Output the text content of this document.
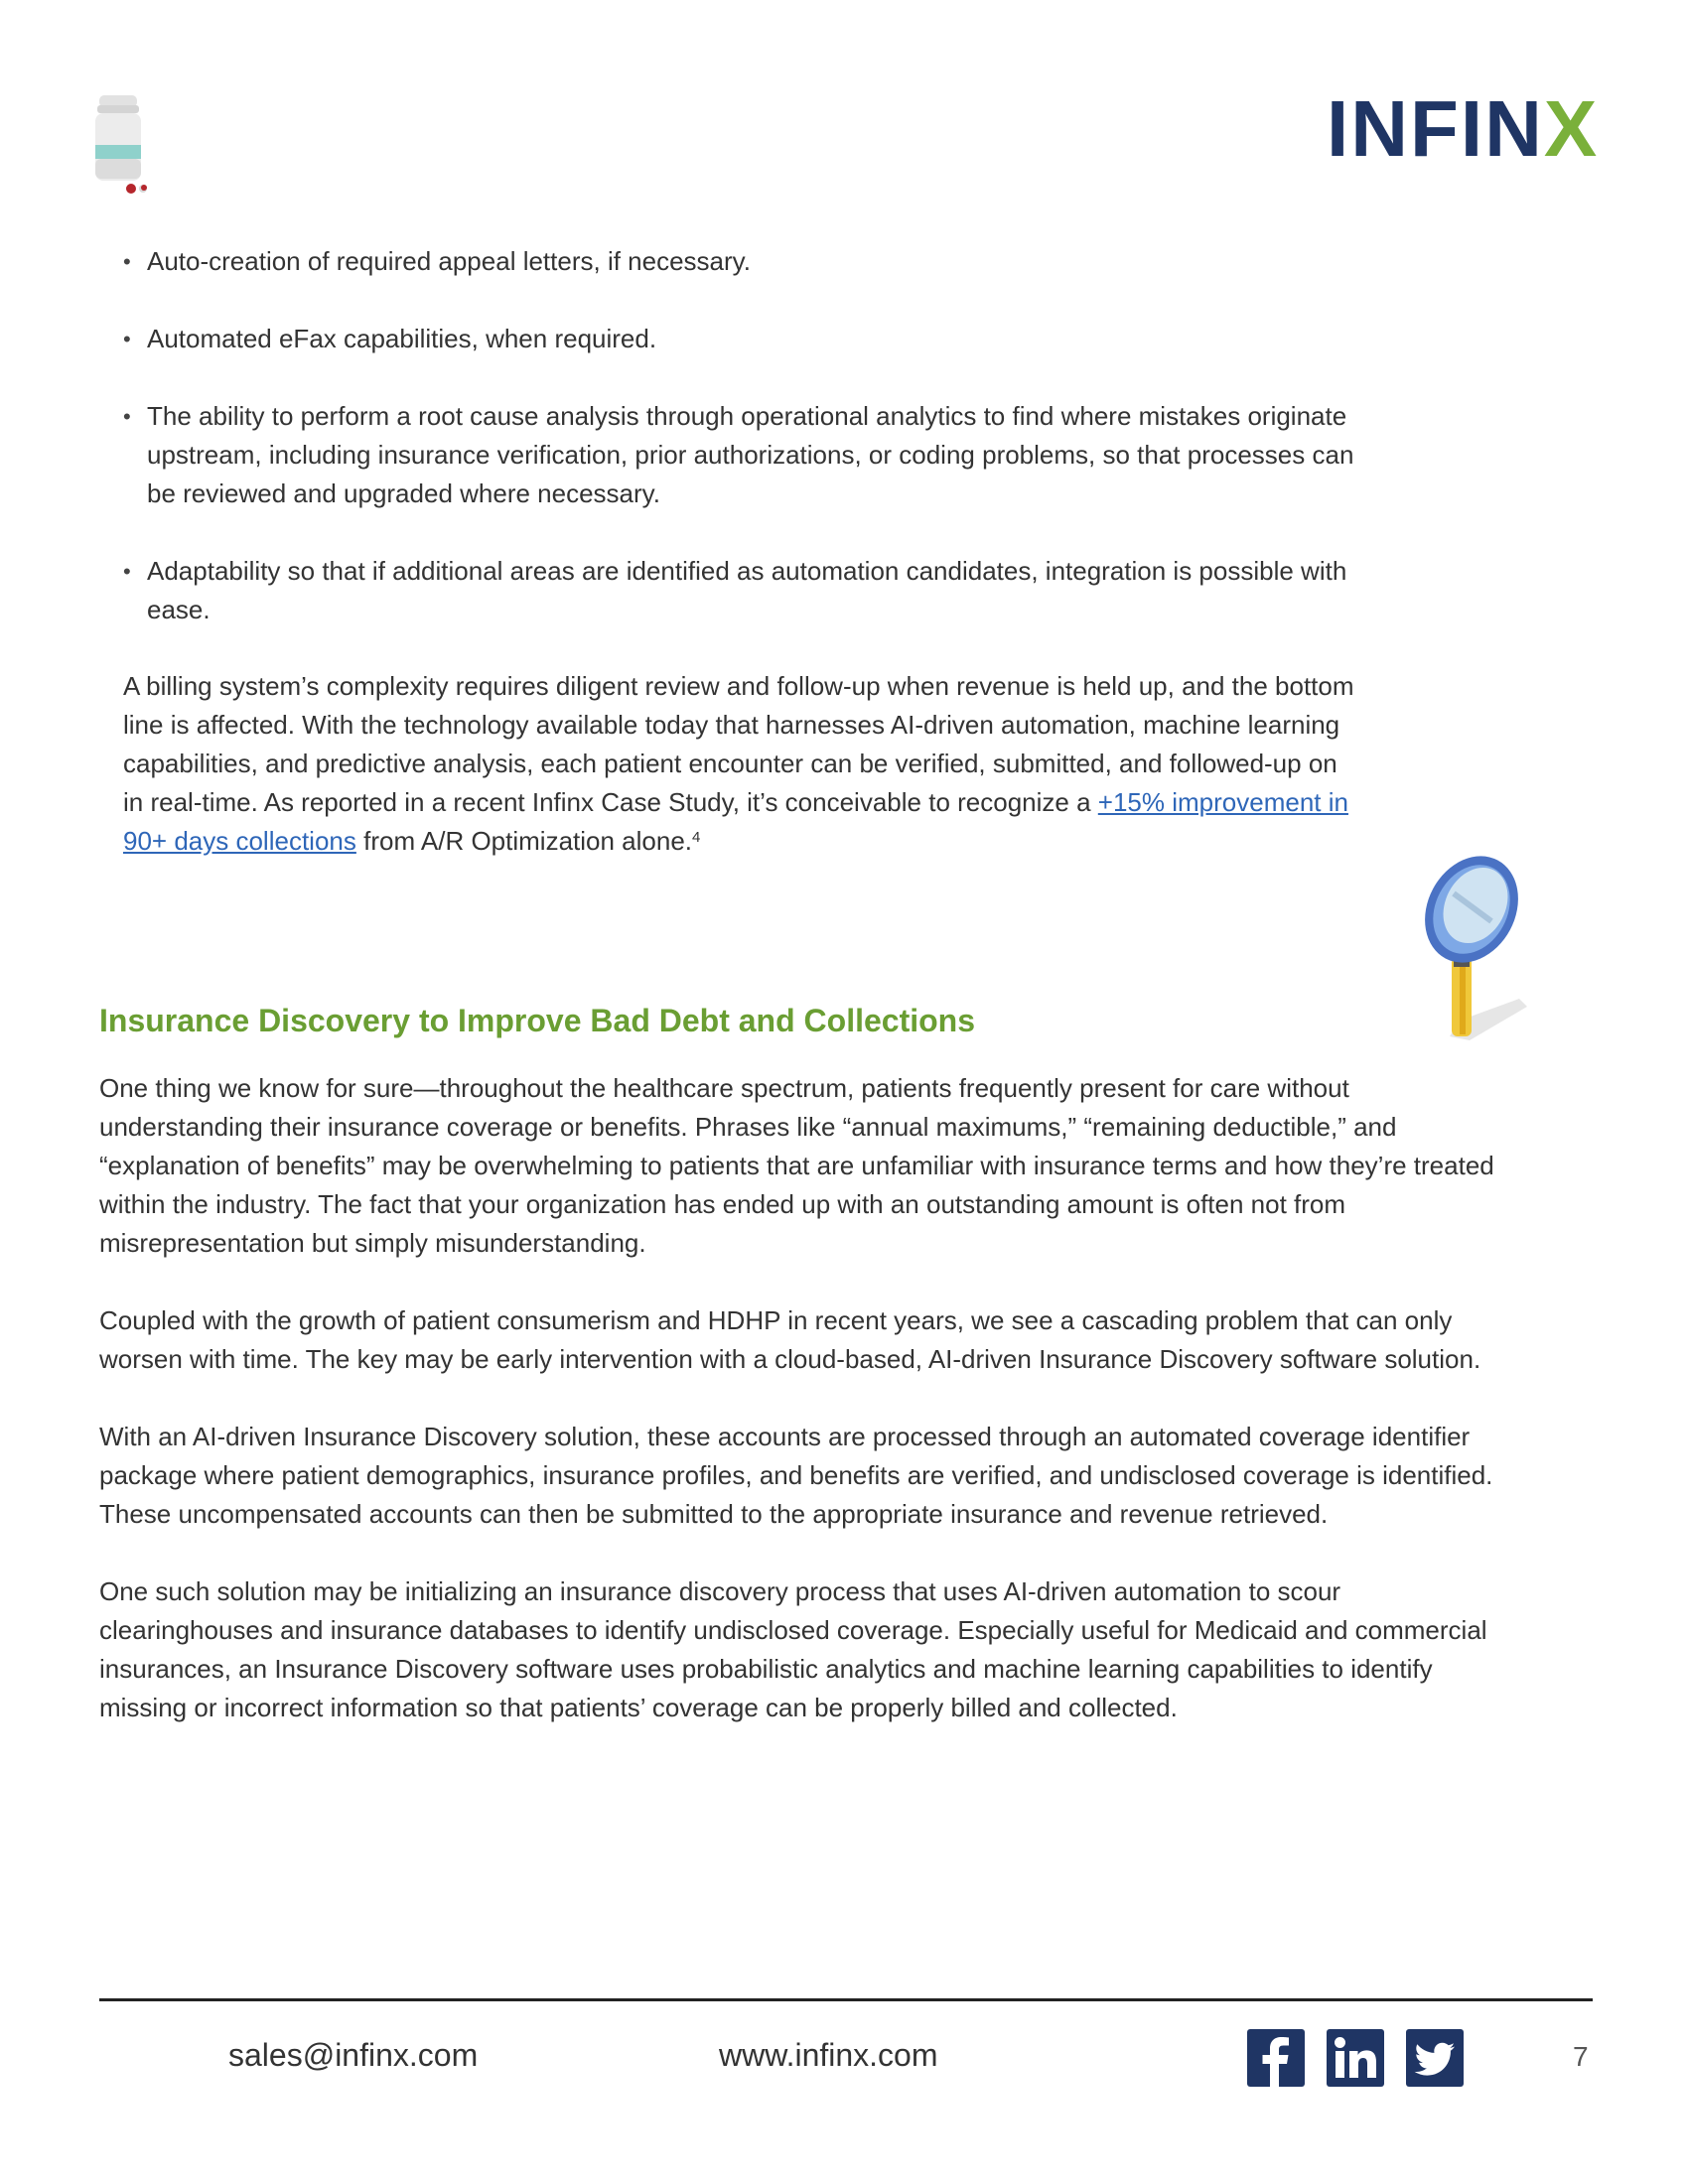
INFINX
• Auto-creation of required appeal letters, if necessary.
• Automated eFax capabilities, when required.
• The ability to perform a root cause analysis through operational analytics to find where mistakes originate upstream, including insurance verification, prior authorizations, or coding problems, so that processes can be reviewed and upgraded where necessary.
• Adaptability so that if additional areas are identified as automation candidates, integration is possible with ease.

A billing system’s complexity requires diligent review and follow-up when revenue is held up, and the bottom line is affected. With the technology available today that harnesses AI-driven automation, machine learning capabilities, and predictive analysis, each patient encounter can be verified, submitted, and followed-up on in real-time. As reported in a recent Infinx Case Study, it’s conceivable to recognize a +15% improvement in 90+ days collections from A/R Optimization alone.$^4$

Insurance Discovery to Improve Bad Debt and Collections

One thing we know for sure—throughout the healthcare spectrum, patients frequently present for care without understanding their insurance coverage or benefits. Phrases like “annual maximums,” “remaining deductible,” and “explanation of benefits” may be overwhelming to patients that are unfamiliar with insurance terms and how they’re treated within the industry. The fact that your organization has ended up with an outstanding amount is often not from misrepresentation but simply misunderstanding.

Coupled with the growth of patient consumerism and HDHP in recent years, we see a cascading problem that can only worsen with time. The key may be early intervention with a cloud-based, AI-driven Insurance Discovery software solution.

With an AI-driven Insurance Discovery solution, these accounts are processed through an automated coverage identifier package where patient demographics, insurance profiles, and benefits are verified, and undisclosed coverage is identified. These uncompensated accounts can then be submitted to the appropriate insurance and revenue retrieved.

One such solution may be initializing an insurance discovery process that uses AI-driven automation to scour clearinghouses and insurance databases to identify undisclosed coverage. Especially useful for Medicaid and commercial insurances, an Insurance Discovery software uses probabilistic analytics and machine learning capabilities to identify missing or incorrect information so that patients’ coverage can be properly billed and collected.

sales@infinx.com	www.infinx.com	7
